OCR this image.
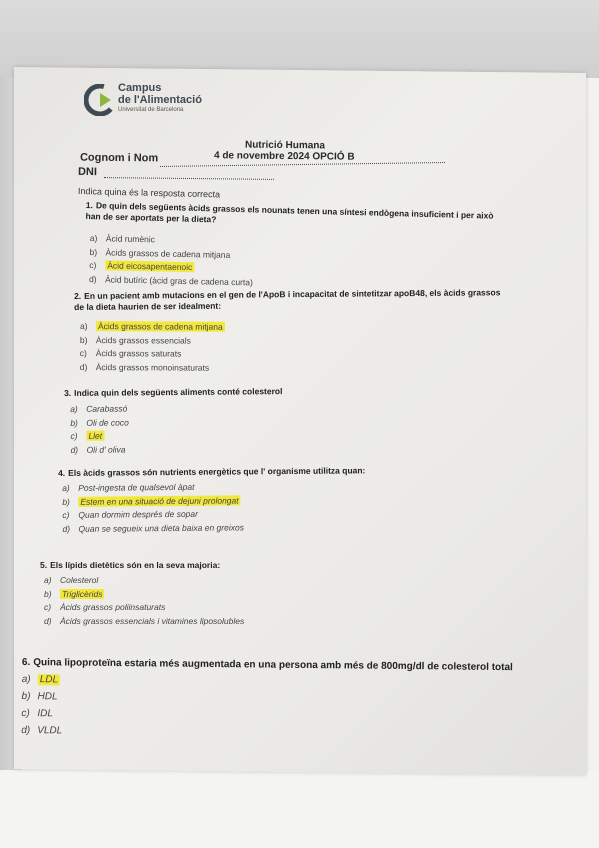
Campus
de l'Alimentació
Universitat de Barcelona
Nutrició Humana
4 de novembre 2024 OPCIÓ B
Cognom i Nom
DNI
Indica quina és la resposta correcta
1. De quin dels següents àcids grassos els nounats tenen una síntesi endògena insuficient i per això han de ser aportats per la dieta?
a) Àcid rumènic
b) Àcids grassos de cadena mitjana
c) Àcid eicosapentaenoic
d) Àcid butíric (àcid gras de cadena curta)
2. En un pacient amb mutacions en el gen de l'ApoB i incapacitat de sintetitzar apoB48, els àcids grassos de la dieta haurien de ser idealment:
a) Àcids grassos de cadena mitjana
b) Àcids grassos essencials
c) Àcids grassos saturats
d) Àcids grassos monoinsaturats
3. Indica quin dels següents aliments conté colesterol
a) Carabassó
b) Oli de coco
c) Llet
d) Oli d' oliva
4. Els àcids grassos són nutrients energètics que l' organisme utilitza quan:
a) Post-ingesta de qualsevol àpat
b) Estem en una situació de dejuni prolongat
c) Quan dormim després de sopar
d) Quan se segueix una dieta baixa en greixos
5. Els lípids dietètics són en la seva majoria:
a) Colesterol
b) Triglicèrids
c) Àcids grassos poliinsaturats
d) Àcids grassos essencials i vitamines liposolubles
6. Quina lipoproteïna estaria més augmentada en una persona amb més de 800mg/dl de colesterol total
a) LDL
b) HDL
c) IDL
d) VLDL
